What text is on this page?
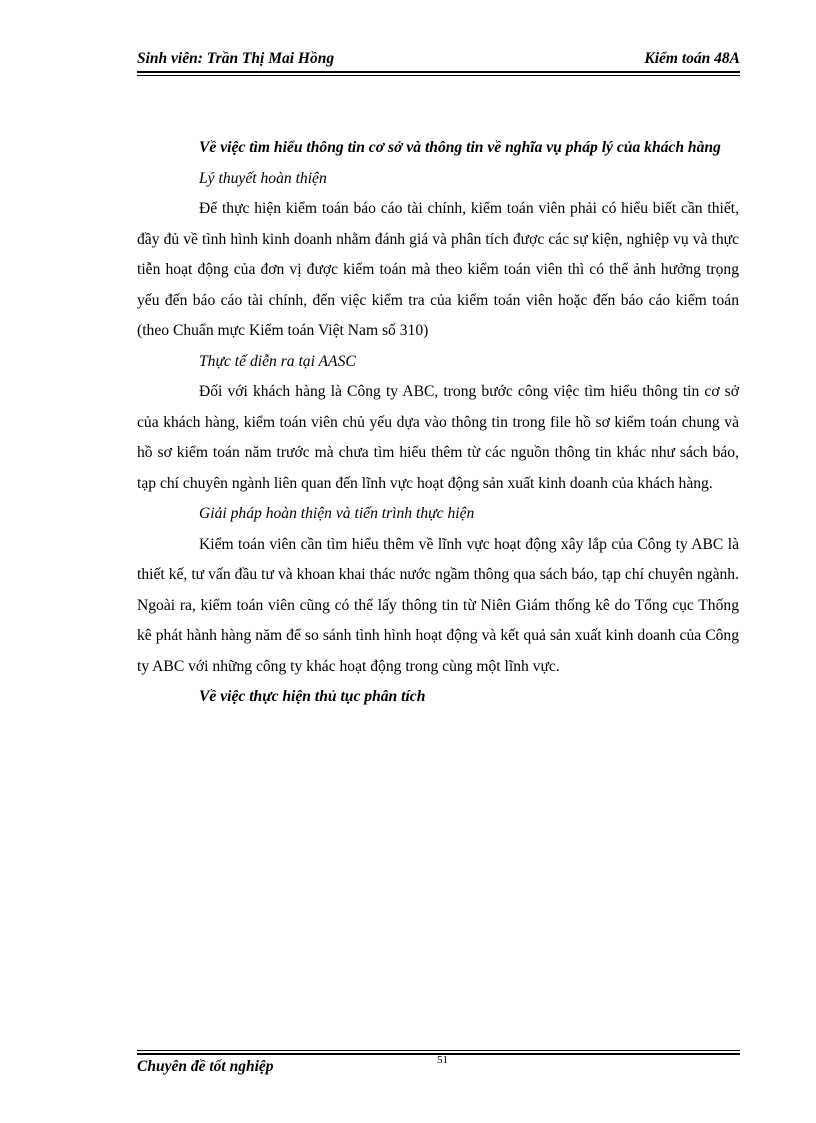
Sinh viên: Trần Thị Mai Hồng	Kiểm toán 48A

Về việc tìm hiểu thông tin cơ sở và thông tin về nghĩa vụ pháp lý của khách hàng

Lý thuyết hoàn thiện

Để thực hiện kiểm toán báo cáo tài chính, kiểm toán viên phải có hiểu biết cần thiết, đầy đủ về tình hình kinh doanh nhằm đánh giá và phân tích được các sự kiện, nghiệp vụ và thực tiễn hoạt động của đơn vị được kiểm toán mà theo kiểm toán viên thì có thể ảnh hưởng trọng yếu đến báo cáo tài chính, đến việc kiểm tra của kiểm toán viên hoặc đến báo cáo kiểm toán (theo Chuẩn mực Kiểm toán Việt Nam số 310)

Thực tế diễn ra tại AASC

Đối với khách hàng là Công ty ABC, trong bước công việc tìm hiểu thông tin cơ sở của khách hàng, kiểm toán viên chủ yếu dựa vào thông tin trong file hồ sơ kiểm toán chung và hồ sơ kiểm toán năm trước mà chưa tìm hiểu thêm từ các nguồn thông tin khác như sách báo, tạp chí chuyên ngành liên quan đến lĩnh vực hoạt động sản xuất kinh doanh của khách hàng.

Giải pháp hoàn thiện và tiến trình thực hiện

Kiểm toán viên cần tìm hiểu thêm về lĩnh vực hoạt động xây lắp của Công ty ABC là thiết kế, tư vấn đầu tư và khoan khai thác nước ngầm thông qua sách báo, tạp chí chuyên ngành. Ngoài ra, kiểm toán viên cũng có thể lấy thông tin từ Niên Giám thống kê do Tổng cục Thống kê phát hành hàng năm để so sánh tình hình hoạt động và kết quả sản xuất kinh doanh của Công ty ABC với những công ty khác hoạt động trong cùng một lĩnh vực.

Về việc thực hiện thủ tục phân tích

Chuyên đề tốt nghiệp	51
